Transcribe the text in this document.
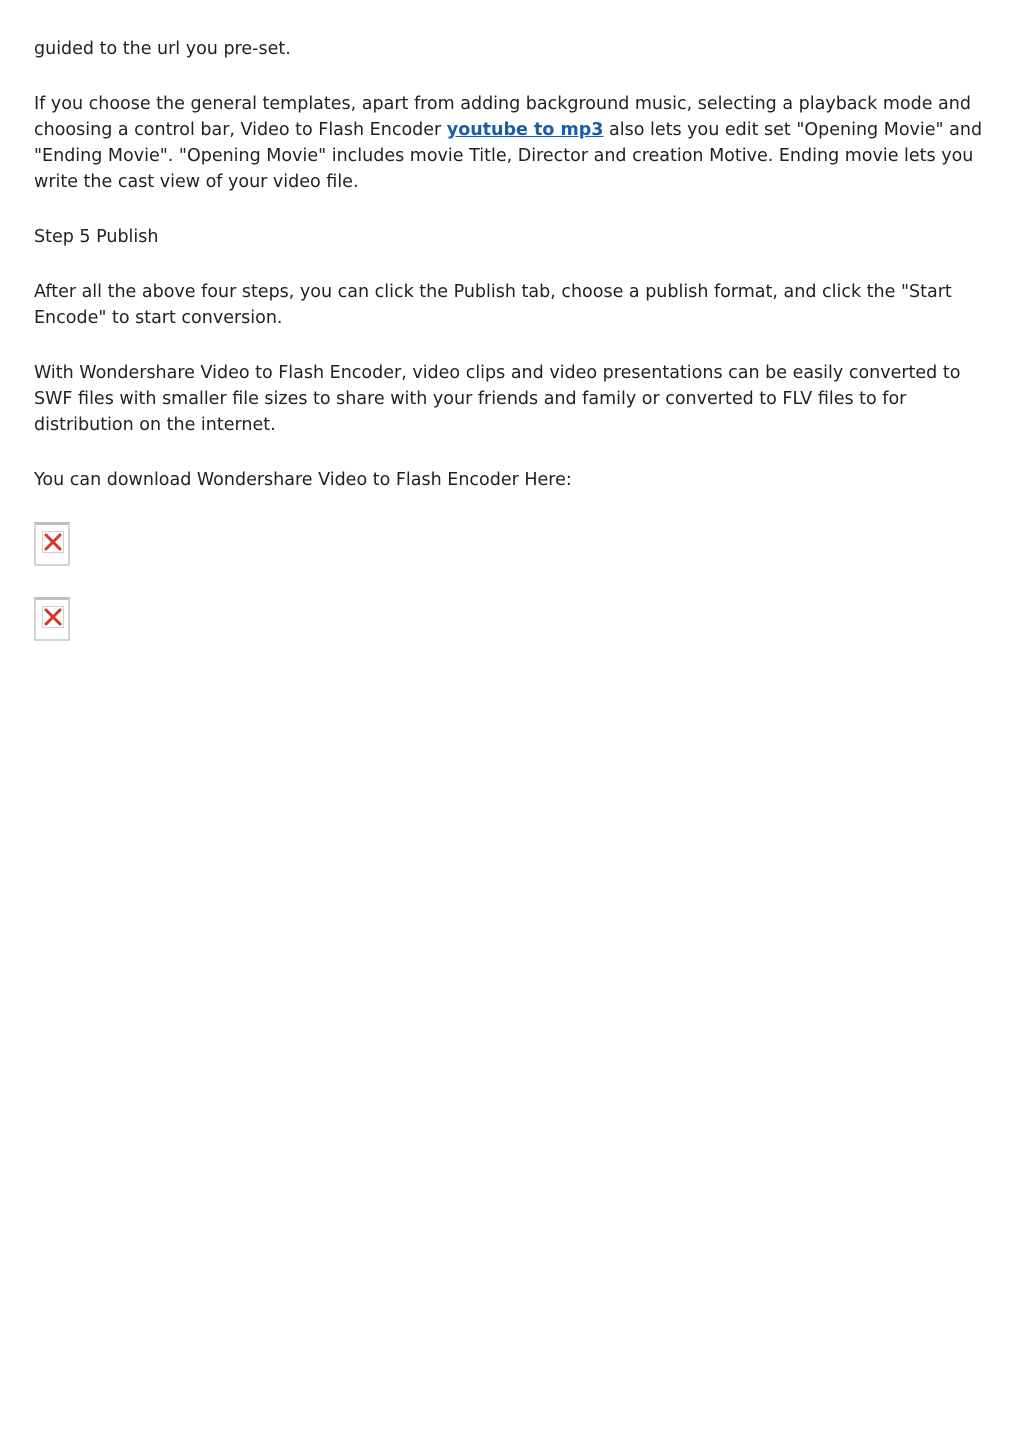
guided to the url you pre-set.

If you choose the general templates, apart from adding background music, selecting a playback mode and choosing a control bar, Video to Flash Encoder youtube to mp3 also lets you edit set "Opening Movie" and "Ending Movie". "Opening Movie" includes movie Title, Director and creation Motive. Ending movie lets you write the cast view of your video file.

Step 5 Publish

After all the above four steps, you can click the Publish tab, choose a publish format, and click the "Start Encode" to start conversion.

With Wondershare Video to Flash Encoder, video clips and video presentations can be easily converted to SWF files with smaller file sizes to share with your friends and family or converted to FLV files to for distribution on the internet.

You can download Wondershare Video to Flash Encoder Here:
